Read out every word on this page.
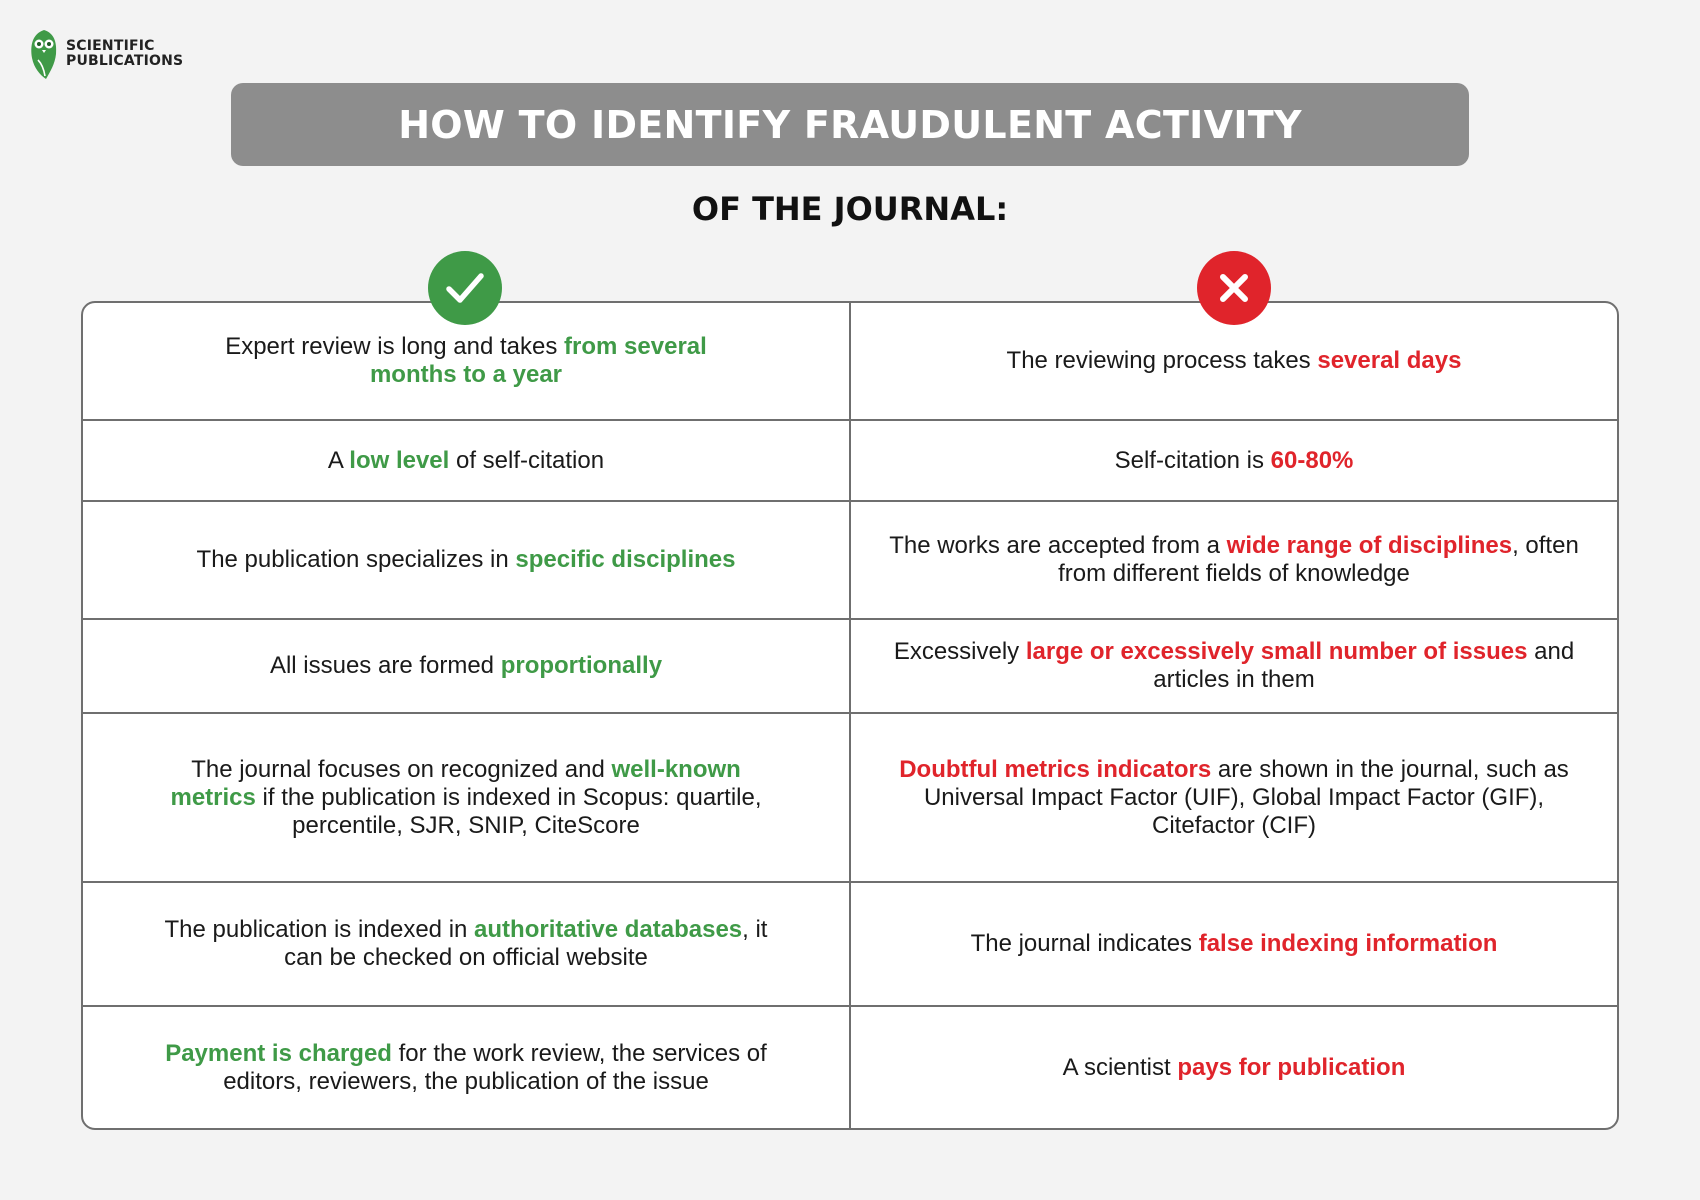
SCIENTIFIC
PUBLICATIONS
HOW TO IDENTIFY FRAUDULENT ACTIVITY
OF THE JOURNAL:
Expert review is long and takes from several months to a year
The reviewing process takes several days
A low level of self-citation	Self-citation is 60-80%
The publication specializes in specific disciplines
The works are accepted from a wide range of disciplines, often from different fields of knowledge
All issues are formed proportionally
Excessively large or excessively small number of issues and articles in them
The journal focuses on recognized and well-known metrics if the publication is indexed in Scopus: quartile, percentile, SJR, SNIP, CiteScore
Doubtful metrics indicators are shown in the journal, such as Universal Impact Factor (UIF), Global Impact Factor (GIF), Citefactor (CIF)
The publication is indexed in authoritative databases, it can be checked on official website
The journal indicates false indexing information
Payment is charged for the work review, the services of editors, reviewers, the publication of the issue
A scientist pays for publication
